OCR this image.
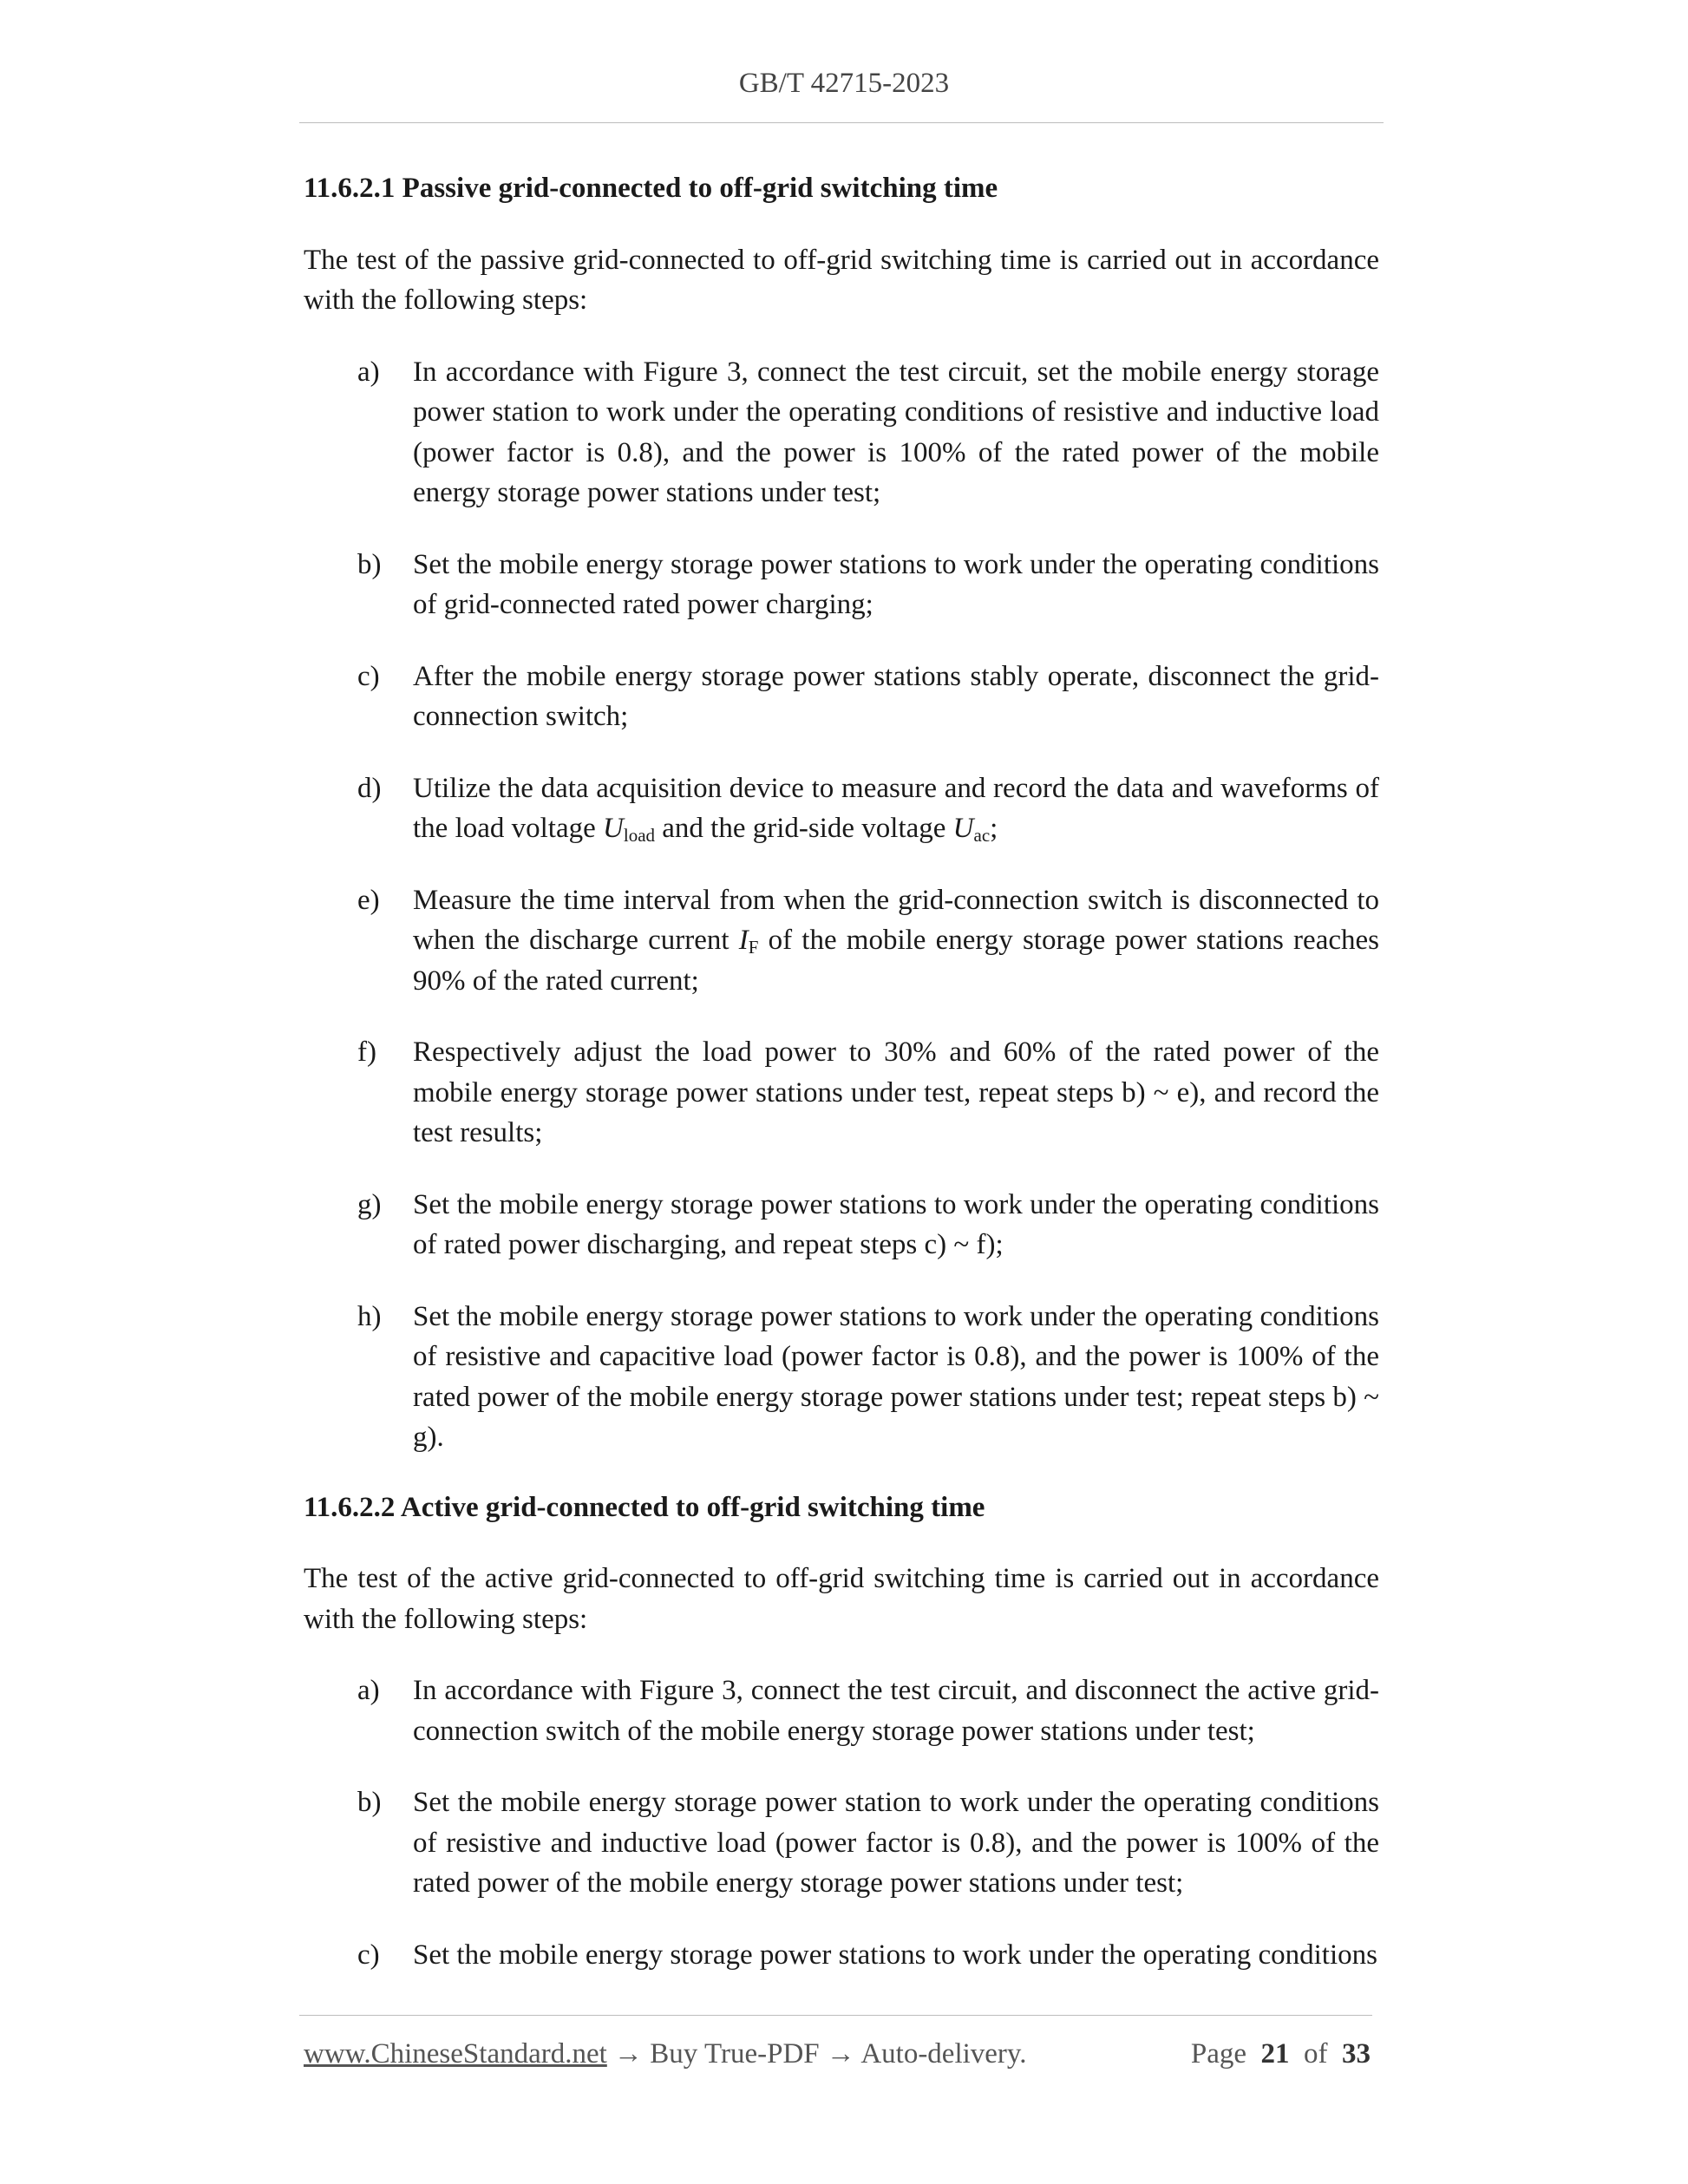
GB/T 42715-2023
11.6.2.1 Passive grid-connected to off-grid switching time
The test of the passive grid-connected to off-grid switching time is carried out in accordance with the following steps:
a)	In accordance with Figure 3, connect the test circuit, set the mobile energy storage power station to work under the operating conditions of resistive and inductive load (power factor is 0.8), and the power is 100% of the rated power of the mobile energy storage power stations under test;
b)	Set the mobile energy storage power stations to work under the operating conditions of grid-connected rated power charging;
c)	After the mobile energy storage power stations stably operate, disconnect the grid-connection switch;
d)	Utilize the data acquisition device to measure and record the data and waveforms of the load voltage $U_{load}$ and the grid-side voltage $U_{ac}$;
e)	Measure the time interval from when the grid-connection switch is disconnected to when the discharge current $I_F$ of the mobile energy storage power stations reaches 90% of the rated current;
f)	Respectively adjust the load power to 30% and 60% of the rated power of the mobile energy storage power stations under test, repeat steps b) ~ e), and record the test results;
g)	Set the mobile energy storage power stations to work under the operating conditions of rated power discharging, and repeat steps c) ~ f);
h)	Set the mobile energy storage power stations to work under the operating conditions of resistive and capacitive load (power factor is 0.8), and the power is 100% of the rated power of the mobile energy storage power stations under test; repeat steps b) ~ g).
11.6.2.2 Active grid-connected to off-grid switching time
The test of the active grid-connected to off-grid switching time is carried out in accordance with the following steps:
a)	In accordance with Figure 3, connect the test circuit, and disconnect the active grid-connection switch of the mobile energy storage power stations under test;
b)	Set the mobile energy storage power station to work under the operating conditions of resistive and inductive load (power factor is 0.8), and the power is 100% of the rated power of the mobile energy storage power stations under test;
c)	Set the mobile energy storage power stations to work under the operating conditions
www.ChineseStandard.net → Buy True-PDF → Auto-delivery.	Page 21 of 33
